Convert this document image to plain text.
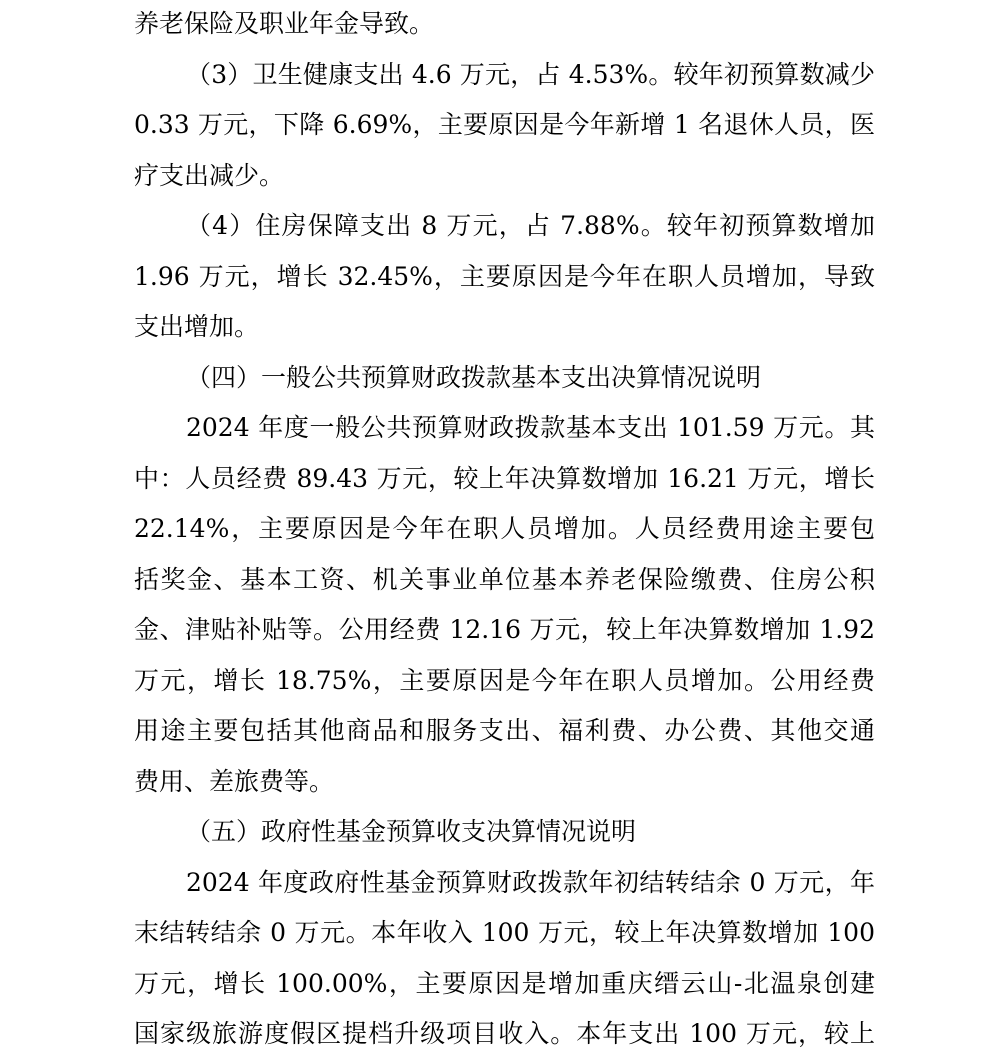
养老保险及职业年金导致。
（3）卫生健康支出 4.6 万元，占 4.53%。较年初预算数减少
0.33 万元，下降 6.69%，主要原因是今年新增 1 名退休人员，医
疗支出减少。
（4）住房保障支出 8 万元，占 7.88%。较年初预算数增加
1.96 万元，增长 32.45%，主要原因是今年在职人员增加，导致
支出增加。
（四）一般公共预算财政拨款基本支出决算情况说明
2024 年度一般公共预算财政拨款基本支出 101.59 万元。其
中：人员经费 89.43 万元，较上年决算数增加 16.21 万元，增长
22.14%，主要原因是今年在职人员增加。人员经费用途主要包
括奖金、基本工资、机关事业单位基本养老保险缴费、住房公积
金、津贴补贴等。公用经费 12.16 万元，较上年决算数增加 1.92
万元，增长 18.75%，主要原因是今年在职人员增加。公用经费
用途主要包括其他商品和服务支出、福利费、办公费、其他交通
费用、差旅费等。
（五）政府性基金预算收支决算情况说明
2024 年度政府性基金预算财政拨款年初结转结余 0 万元，年
末结转结余 0 万元。本年收入 100 万元，较上年决算数增加 100
万元，增长 100.00%，主要原因是增加重庆缙云山-北温泉创建
国家级旅游度假区提档升级项目收入。本年支出 100 万元，较上
